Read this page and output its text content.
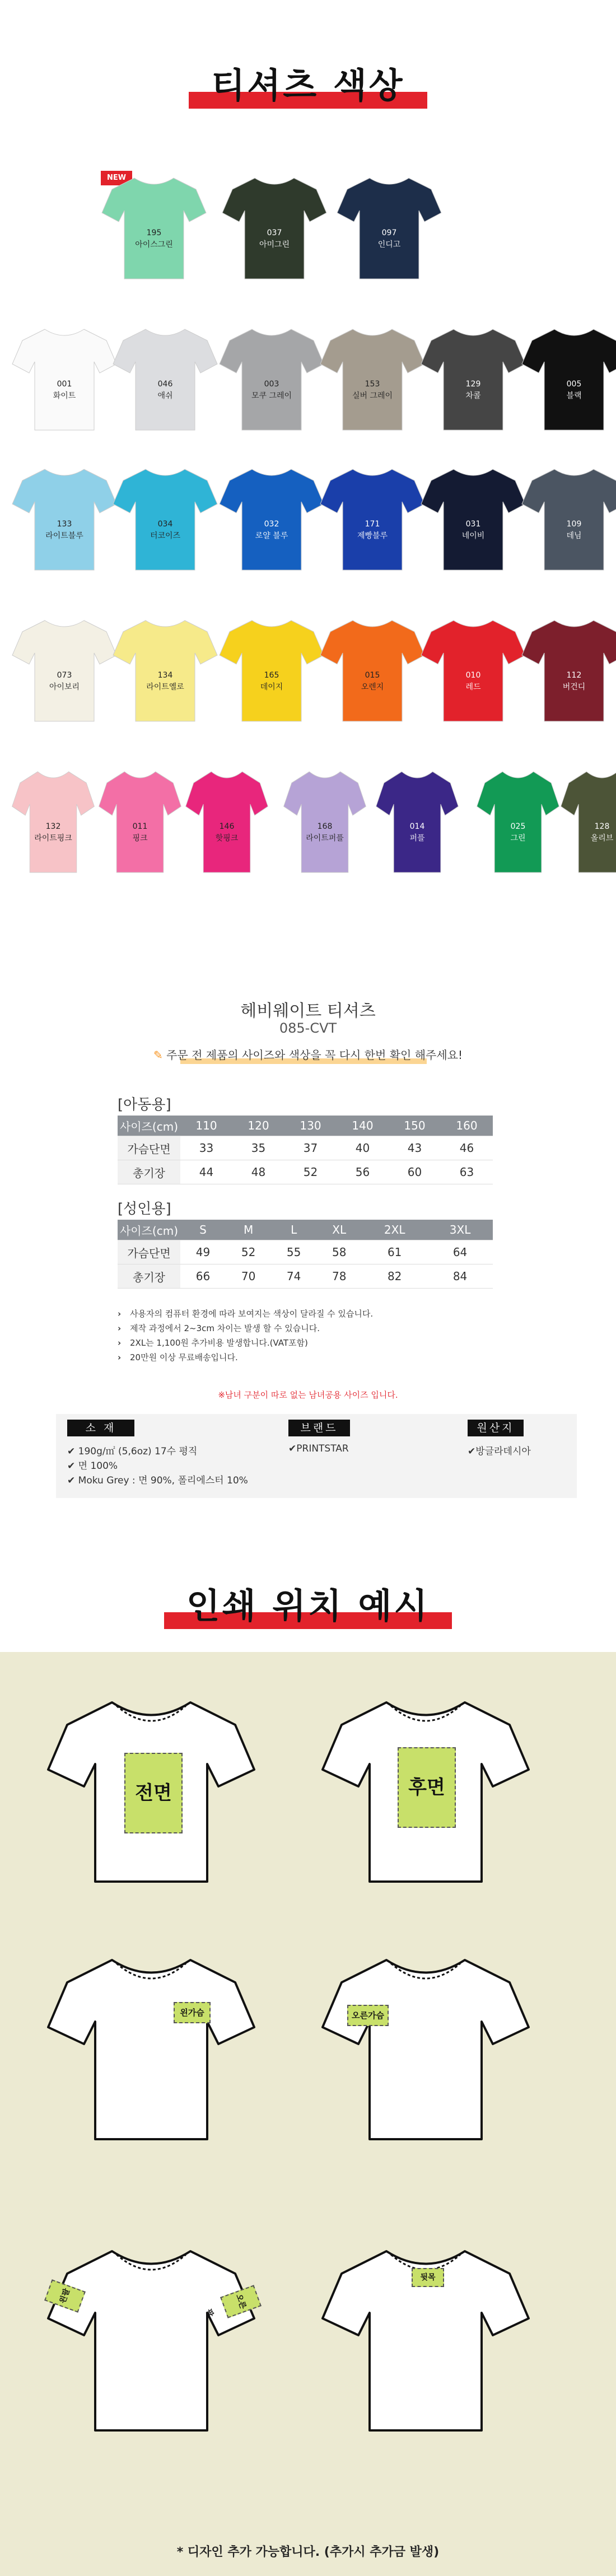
티셔츠 색상
NEW
195
아이스그린
037
아미그린
097
인디고
001
화이트
046
애쉬
003
모쿠 그레이
153
실버 그레이
129
차콜
005
블랙
133
라이트블루
034
터코이즈
032
로얄 블루
171
제빵블루
031
네이비
109
데님
073
아이보리
134
라이트옐로
165
데이지
015
오렌지
010
레드
112
버건디
132
라이트핑크
011
핑크
146
핫핑크
168
라이트퍼플
014
퍼플
025
그린
128
올리브
헤비웨이트 티셔츠
085-CVT
✎ 주문 전 제품의 사이즈와 색상을 꼭 다시 한번 확인 해주세요!
[아동용]
사이즈(cm)	110	120	130	140	150	160
가슴단면	33	35	37	40	43	46
총기장	44	48	52	56	60	63
[성인용]
사이즈(cm)	S	M	L	XL	2XL	3XL
가슴단면	49	52	55	58	61	64
총기장	66	70	74	78	82	84
› 사용자의 컴퓨터 환경에 따라 보여지는 색상이 달라질 수 있습니다.
› 제작 과정에서 2~3cm 차이는 발생 할 수 있습니다.
› 2XL는 1,100원 추가비용 발생합니다.(VAT포함)
› 20만원 이상 무료배송입니다.
※남녀 구분이 따로 없는 남녀공용 사이즈 입니다.
소 재
✔ 190g/㎡ (5,6oz) 17수 평직
✔ 면 100%
✔ Moku Grey : 면 90%, 폴리에스터 10%
브랜드
✔PRINTSTAR
원산지
✔방글라데시아
인쇄 위치 예시
전면	후면
왼가슴	오른가슴
왼팔	오른팔
뒷목
* 디자인 추가 가능합니다. (추가시 추가금 발생)
